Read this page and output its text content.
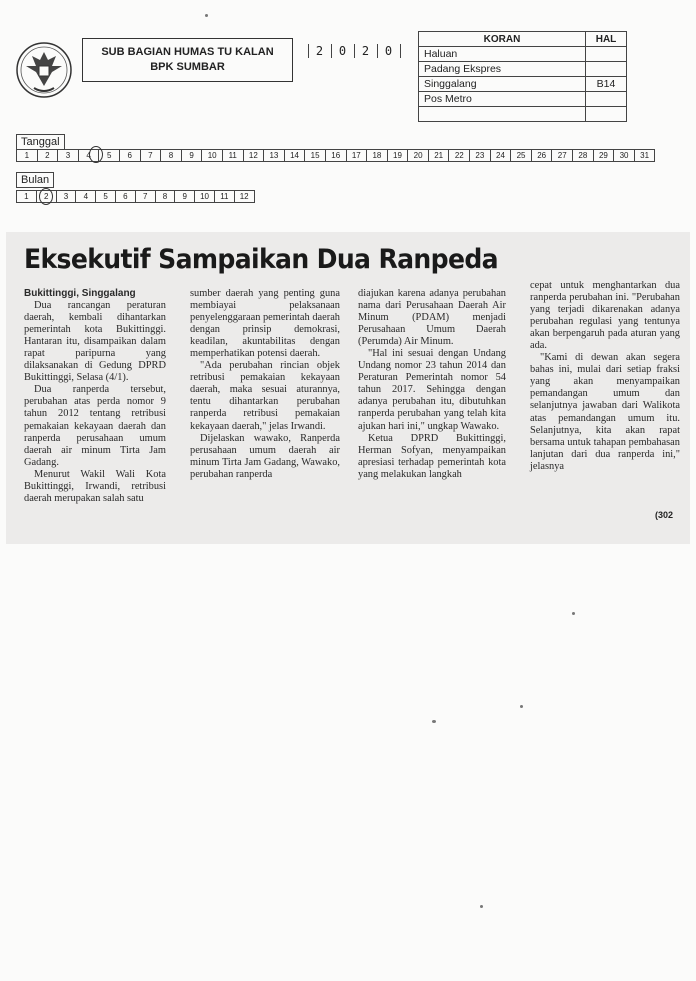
SUB BAGIAN HUMAS TU KALAN
BPK SUMBAR
2 0 2 0
KORAN	HAL
Haluan	
Padang Ekspres	
Singgalang	B14
Pos Metro	

Tanggal
1	2	3	4	5	6	7	8	9	10	11	12	13	14	15	16	17	18	19	20	21	22	23	24	25	26	27	28	29	30	31
Bulan
1	2	3	4	5	6	7	8	9	10	11	12
Eksekutif Sampaikan Dua Ranpeda

Bukittinggi, Singgalang

Dua rancangan peraturan daerah, kembali dihantarkan pemerintah kota Bukittinggi. Hantaran itu, disampaikan dalam rapat paripurna yang dilaksanakan di Gedung DPRD Bukittinggi, Selasa (4/1).

Dua ranperda tersebut, perubahan atas perda nomor 9 tahun 2012 tentang retribusi pemakaian kekayaan daerah dan ranperda perusahaan umum daerah air minum Tirta Jam Gadang.

Menurut Wakil Wali Kota Bukittinggi, Irwandi, retribusi daerah merupakan salah satu

sumber daerah yang penting guna membiayai pelaksanaan penyelenggaraan pemerintah daerah dengan prinsip demokrasi, keadilan, akuntabilitas dengan memperhatikan potensi daerah.

"Ada perubahan rincian objek retribusi pemakaian kekayaan daerah, maka sesuai aturannya, tentu dihantarkan perubahan ranperda retribusi pemakaian kekayaan daerah," jelas Irwandi.

Dijelaskan wawako, Ranperda perusahaan umum daerah air minum Tirta Jam Gadang, Wawako, perubahan ranperda

diajukan karena adanya perubahan nama dari Perusahaan Daerah Air Minum (PDAM) menjadi Perusahaan Umum Daerah (Perumda) Air Minum.

"Hal ini sesuai dengan Undang Undang nomor 23 tahun 2014 dan Peraturan Pemerintah nomor 54 tahun 2017. Sehingga dengan adanya perubahan itu, dibutuhkan ranperda perubahan yang telah kita ajukan hari ini," ungkap Wawako.

Ketua DPRD Bukittinggi, Herman Sofyan, menyampaikan apresiasi terhadap pemerintah kota yang melakukan langkah

cepat untuk menghantarkan dua ranperda perubahan ini. "Perubahan yang terjadi dikarenakan adanya perubahan regulasi yang tentunya akan berpengaruh pada aturan yang ada.

"Kami di dewan akan segera bahas ini, mulai dari setiap fraksi yang akan menyampaikan pemandangan umum dan selanjutnya jawaban dari Walikota atas pemandangan umum itu. Selanjutnya, kita akan rapat bersama untuk tahapan pembahasan lanjutan dari dua ranperda ini," jelasnya

(302
